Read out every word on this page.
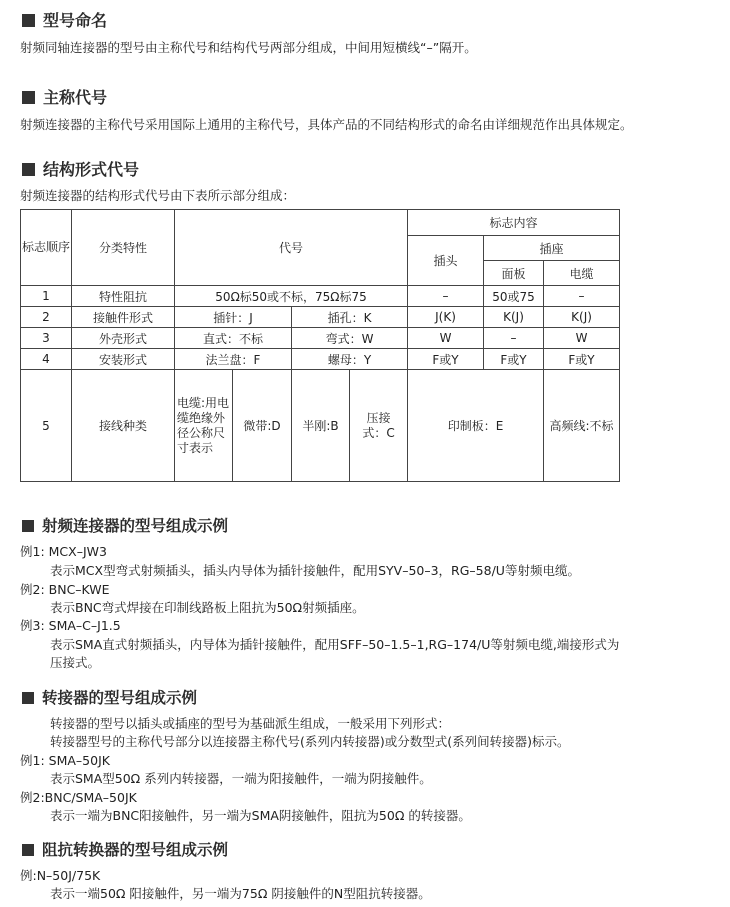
型号命名
射频同轴连接器的型号由主称代号和结构代号两部分组成，中间用短横线“–”隔开。
主称代号
射频连接器的主称代号采用国际上通用的主称代号，具体产品的不同结构形式的命名由详细规范作出具体规定。
结构形式代号
射频连接器的结构形式代号由下表所示部分组成：
标志顺序	分类特性	代号				标志内容		
						插头	插座	
							面板	电缆
1	特性阻抗	50Ω标50或不标，75Ω标75				–	50或75	–
2	接触件形式	插针：J		插孔：K		J(K)	K(J)	K(J)
3	外壳形式	直式：不标		弯式：W		W	–	W
4	安装形式	法兰盘：F		螺母：Y		F或Y	F或Y	F或Y
5	接线种类	电缆:用电缆绝缘外径公称尺寸表示	微带:D	半刚:B	压接式：C	印制板：E		高频线:不标
射频连接器的型号组成示例
例1: MCX–JW3
表示MCX型弯式射频插头，插头内导体为插针接触件，配用SYV–50–3，RG–58/U等射频电缆。
例2: BNC–KWE
表示BNC弯式焊接在印制线路板上阻抗为50Ω射频插座。
例3: SMA–C–J1.5
表示SMA直式射频插头，内导体为插针接触件，配用SFF–50–1.5–1,RG–174/U等射频电缆,端接形式为
压接式。
转接器的型号组成示例
转接器的型号以插头或插座的型号为基础派生组成，一般采用下列形式：
转接器型号的主称代号部分以连接器主称代号(系列内转接器)或分数型式(系列间转接器)标示。
例1: SMA–50JK
表示SMA型50Ω 系列内转接器，一端为阳接触件，一端为阴接触件。
例2:BNC/SMA–50JK
表示一端为BNC阳接触件，另一端为SMA阴接触件，阻抗为50Ω 的转接器。
阻抗转换器的型号组成示例
例:N–50J/75K
表示一端50Ω 阳接触件，另一端为75Ω 阴接触件的N型阻抗转接器。
